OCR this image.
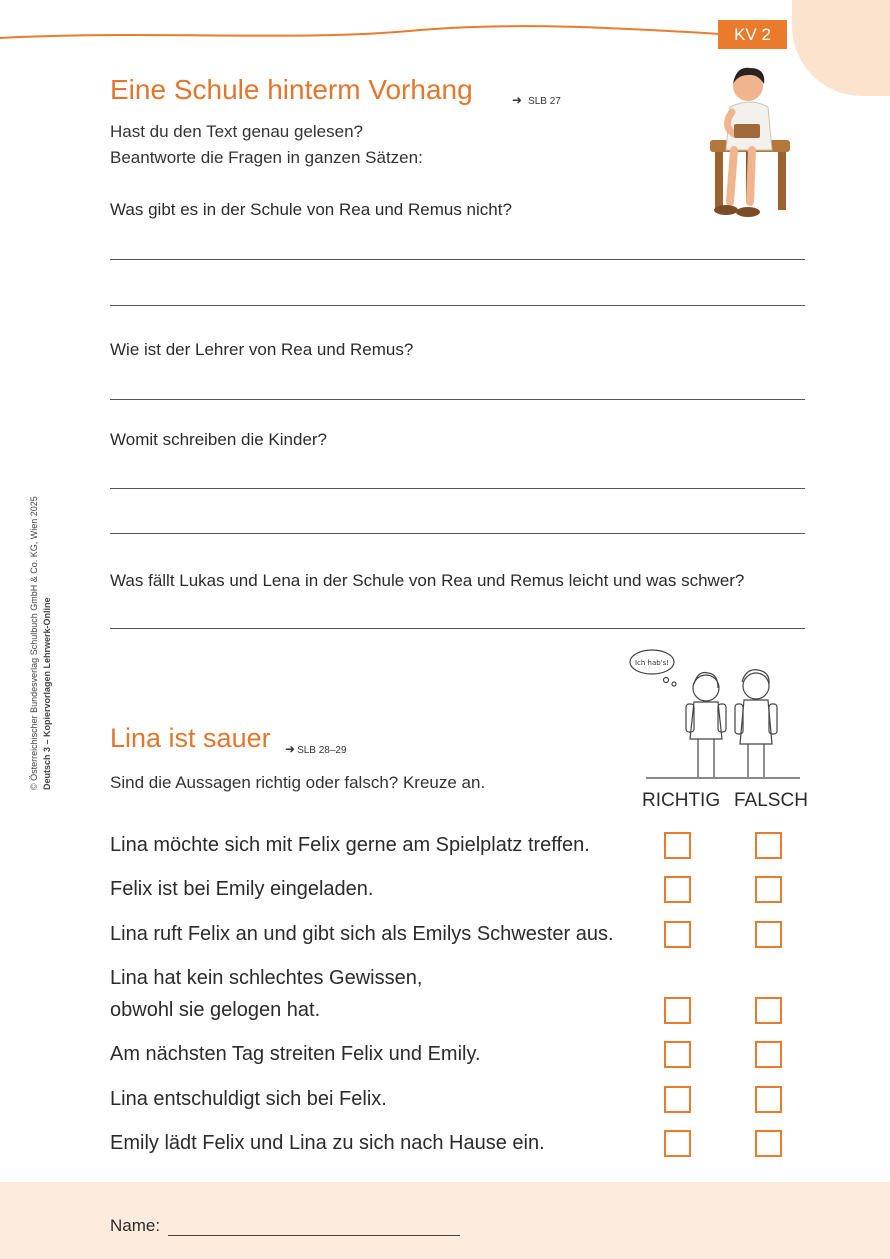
KV 2
Eine Schule hinterm Vorhang	➜ SLB 27
Hast du den Text genau gelesen?
Beantworte die Fragen in ganzen Sätzen:
Was gibt es in der Schule von Rea und Remus nicht?
Wie ist der Lehrer von Rea und Remus?
Womit schreiben die Kinder?
Was fällt Lukas und Lena in der Schule von Rea und Remus leicht und was schwer?
© Österreichischer Bundesverlag Schulbuch GmbH & Co. KG, Wien 2025 Deutsch 3 – Kopiervorlagen Lehrwerk-Online	Ich hab's!
Lina ist sauer ➜ SLB 28–29
Sind die Aussagen richtig oder falsch? Kreuze an.
RICHTIG FALSCH
Lina möchte sich mit Felix gerne am Spielplatz treffen.
Felix ist bei Emily eingeladen.
Lina ruft Felix an und gibt sich als Emilys Schwester aus.
Lina hat kein schlechtes Gewissen,
obwohl sie gelogen hat.
Am nächsten Tag streiten Felix und Emily.
Lina entschuldigt sich bei Felix.
Emily lädt Felix und Lina zu sich nach Hause ein.
Name:
